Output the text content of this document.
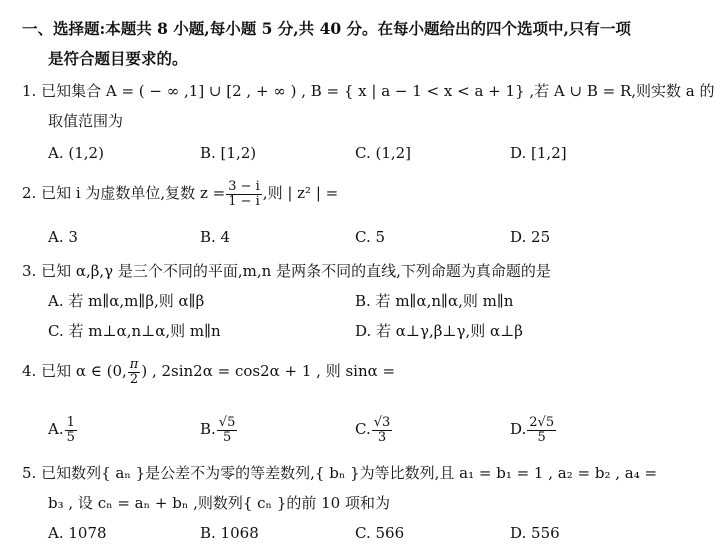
一、选择题:本题共 8 小题,每小题 5 分,共 40 分。在每小题给出的四个选项中,只有一项
是符合题目要求的。
1. 已知集合 A = ( − ∞ ,1] ∪ [2 , + ∞ ) , B = { x | a − 1 < x < a + 1} ,若 A ∪ B = R,则实数 a 的
取值范围为
A. (1,2)	B. [1,2)	C. (1,2]	D. [1,2]
2. 已知 i 为虚数单位,复数 $z = \frac{3 - i}{1 - i}$ ,则 | z² | =
A. 3	B. 4	C. 5	D. 25
3. 已知 α,β,γ 是三个不同的平面,m,n 是两条不同的直线,下列命题为真命题的是
A. 若 m∥α,m∥β,则 α∥β	B. 若 m∥α,n∥α,则 m∥n
C. 若 m⊥α,n⊥α,则 m∥n	D. 若 α⊥γ,β⊥γ,则 α⊥β
4. 已知 α ∈ (0, $\frac{\pi}{2}$ ) , 2sin2α = cos2α + 1 , 则 sinα =
A. $\frac{1}{5}$	B. $\frac{√5}{5}$	C. $\frac{√3}{3}$	D. $\frac{2√5}{5}$
5. 已知数列{ aₙ }是公差不为零的等差数列,{ bₙ }为等比数列,且 a₁ = b₁ = 1 , a₂ = b₂ , a₄ =
b₃ , 设 cₙ = aₙ + bₙ ,则数列{ cₙ }的前 10 项和为
A. 1078	B. 1068	C. 566	D. 556
